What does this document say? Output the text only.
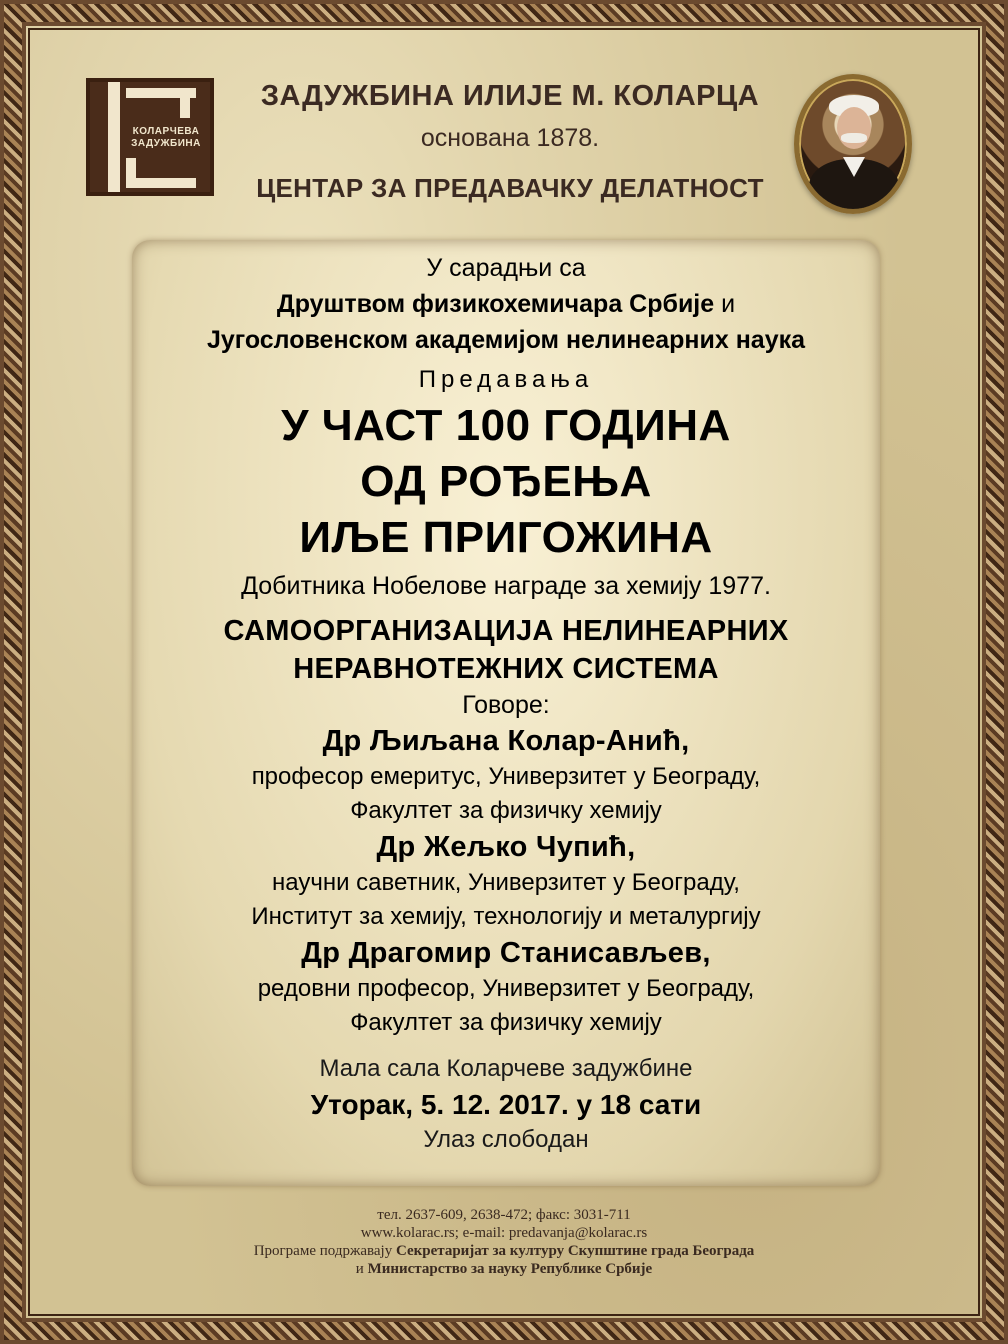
КОЛАРЧЕВА
ЗАДУЖБИНА
ЗАДУЖБИНА ИЛИЈЕ М. КОЛАРЦА
основана 1878.
ЦЕНТАР ЗА ПРЕДАВАЧКУ ДЕЛАТНОСТ
У сарадњи са
Друштвом физикохемичара Србије и
Југословенском академијом нелинеарних наука
Предавања
У ЧАСТ 100 ГОДИНА
ОД РОЂЕЊА
ИЉЕ ПРИГОЖИНА
Добитника Нобелове награде за хемију 1977.
САМООРГАНИЗАЦИЈА НЕЛИНЕАРНИХ
НЕРАВНОТЕЖНИХ СИСТЕМА
Говоре:
Др Љиљана Колар-Анић,
професор емеритус, Универзитет у Београду,
Факултет за физичку хемију
Др Жељко Чупић,
научни саветник, Универзитет у Београду,
Институт за хемију, технологију и металургију
Др Драгомир Станисављев,
редовни професор, Универзитет у Београду,
Факултет за физичку хемију
Мала сала Коларчеве задужбине
Уторак, 5. 12. 2017. у 18 сати
Улаз слободан
тел. 2637-609, 2638-472; факс: 3031-711
www.kolarac.rs; e-mail: predavanja@kolarac.rs
Програме подржавају Секретаријат за културу Скупштине града Београда
и Министарство за науку Републике Србије
